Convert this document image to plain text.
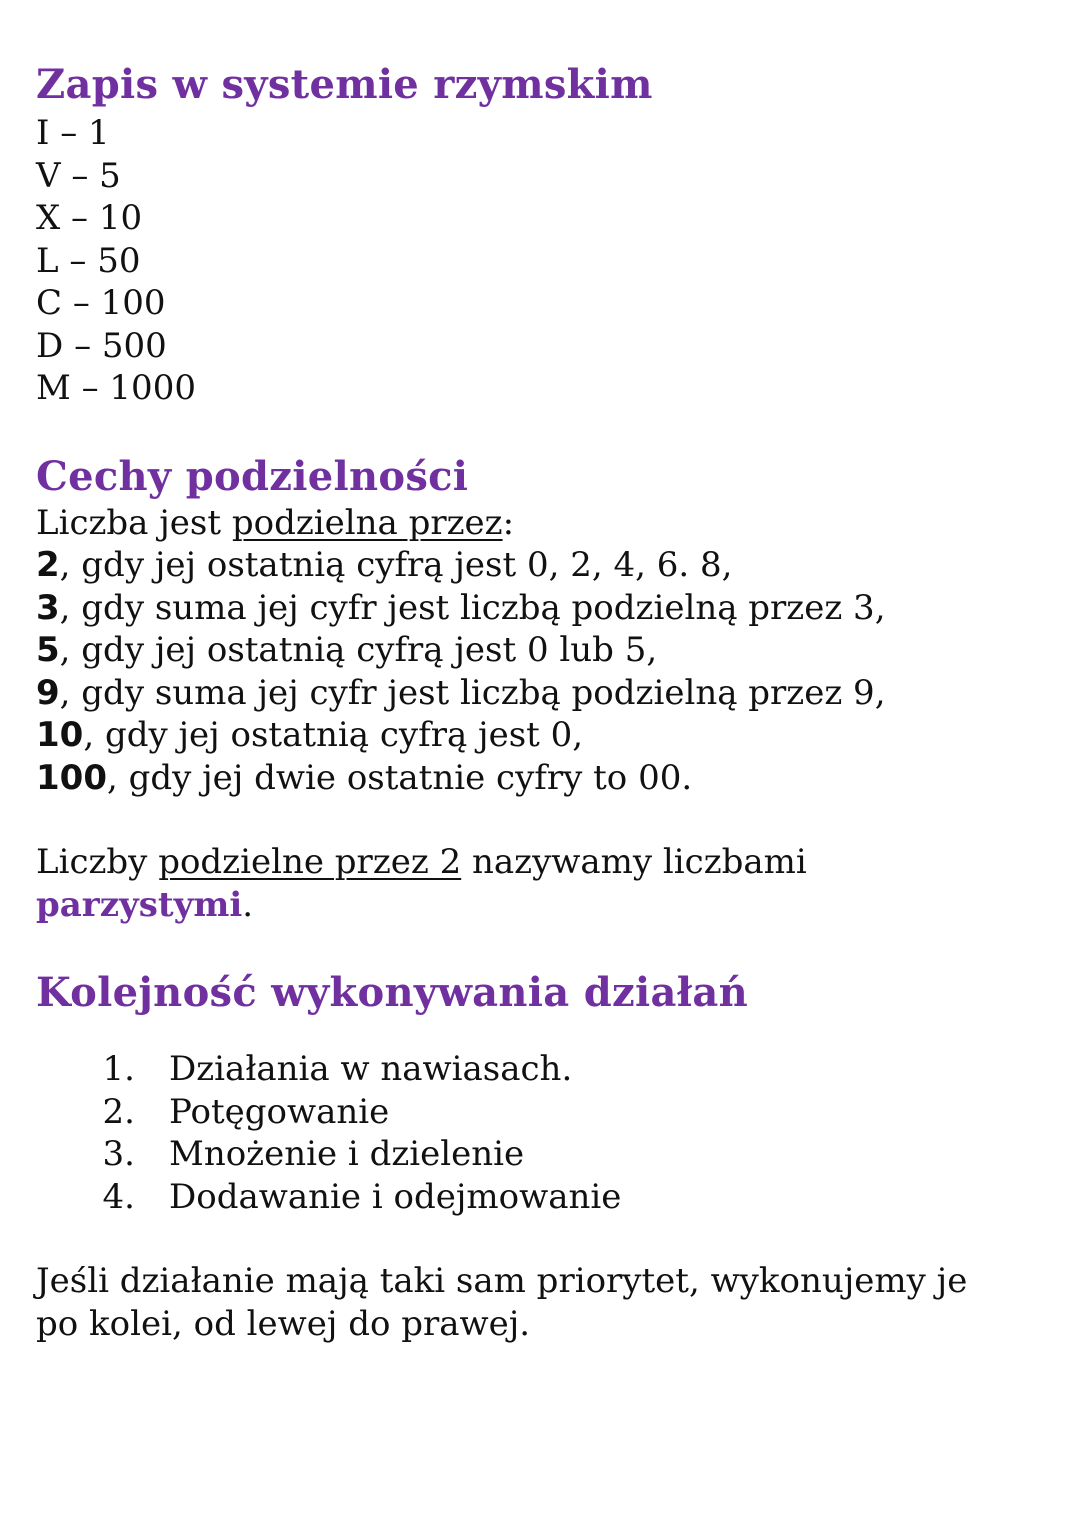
Zapis w systemie rzymskim
I – 1
V – 5
X – 10
L – 50
C – 100
D – 500
M – 1000
Cechy podzielności
Liczba jest podzielna przez:
2, gdy jej ostatnią cyfrą jest 0, 2, 4, 6. 8,
3, gdy suma jej cyfr jest liczbą podzielną przez 3,
5, gdy jej ostatnią cyfrą jest 0 lub 5,
9, gdy suma jej cyfr jest liczbą podzielną przez 9,
10, gdy jej ostatnią cyfrą jest 0,
100, gdy jej dwie ostatnie cyfry to 00.
Liczby podzielne przez 2 nazywamy liczbami
parzystymi.
Kolejność wykonywania działań
1. Działania w nawiasach.
2. Potęgowanie
3. Mnożenie i dzielenie
4. Dodawanie i odejmowanie
Jeśli działanie mają taki sam priorytet, wykonujemy je
po kolei, od lewej do prawej.
